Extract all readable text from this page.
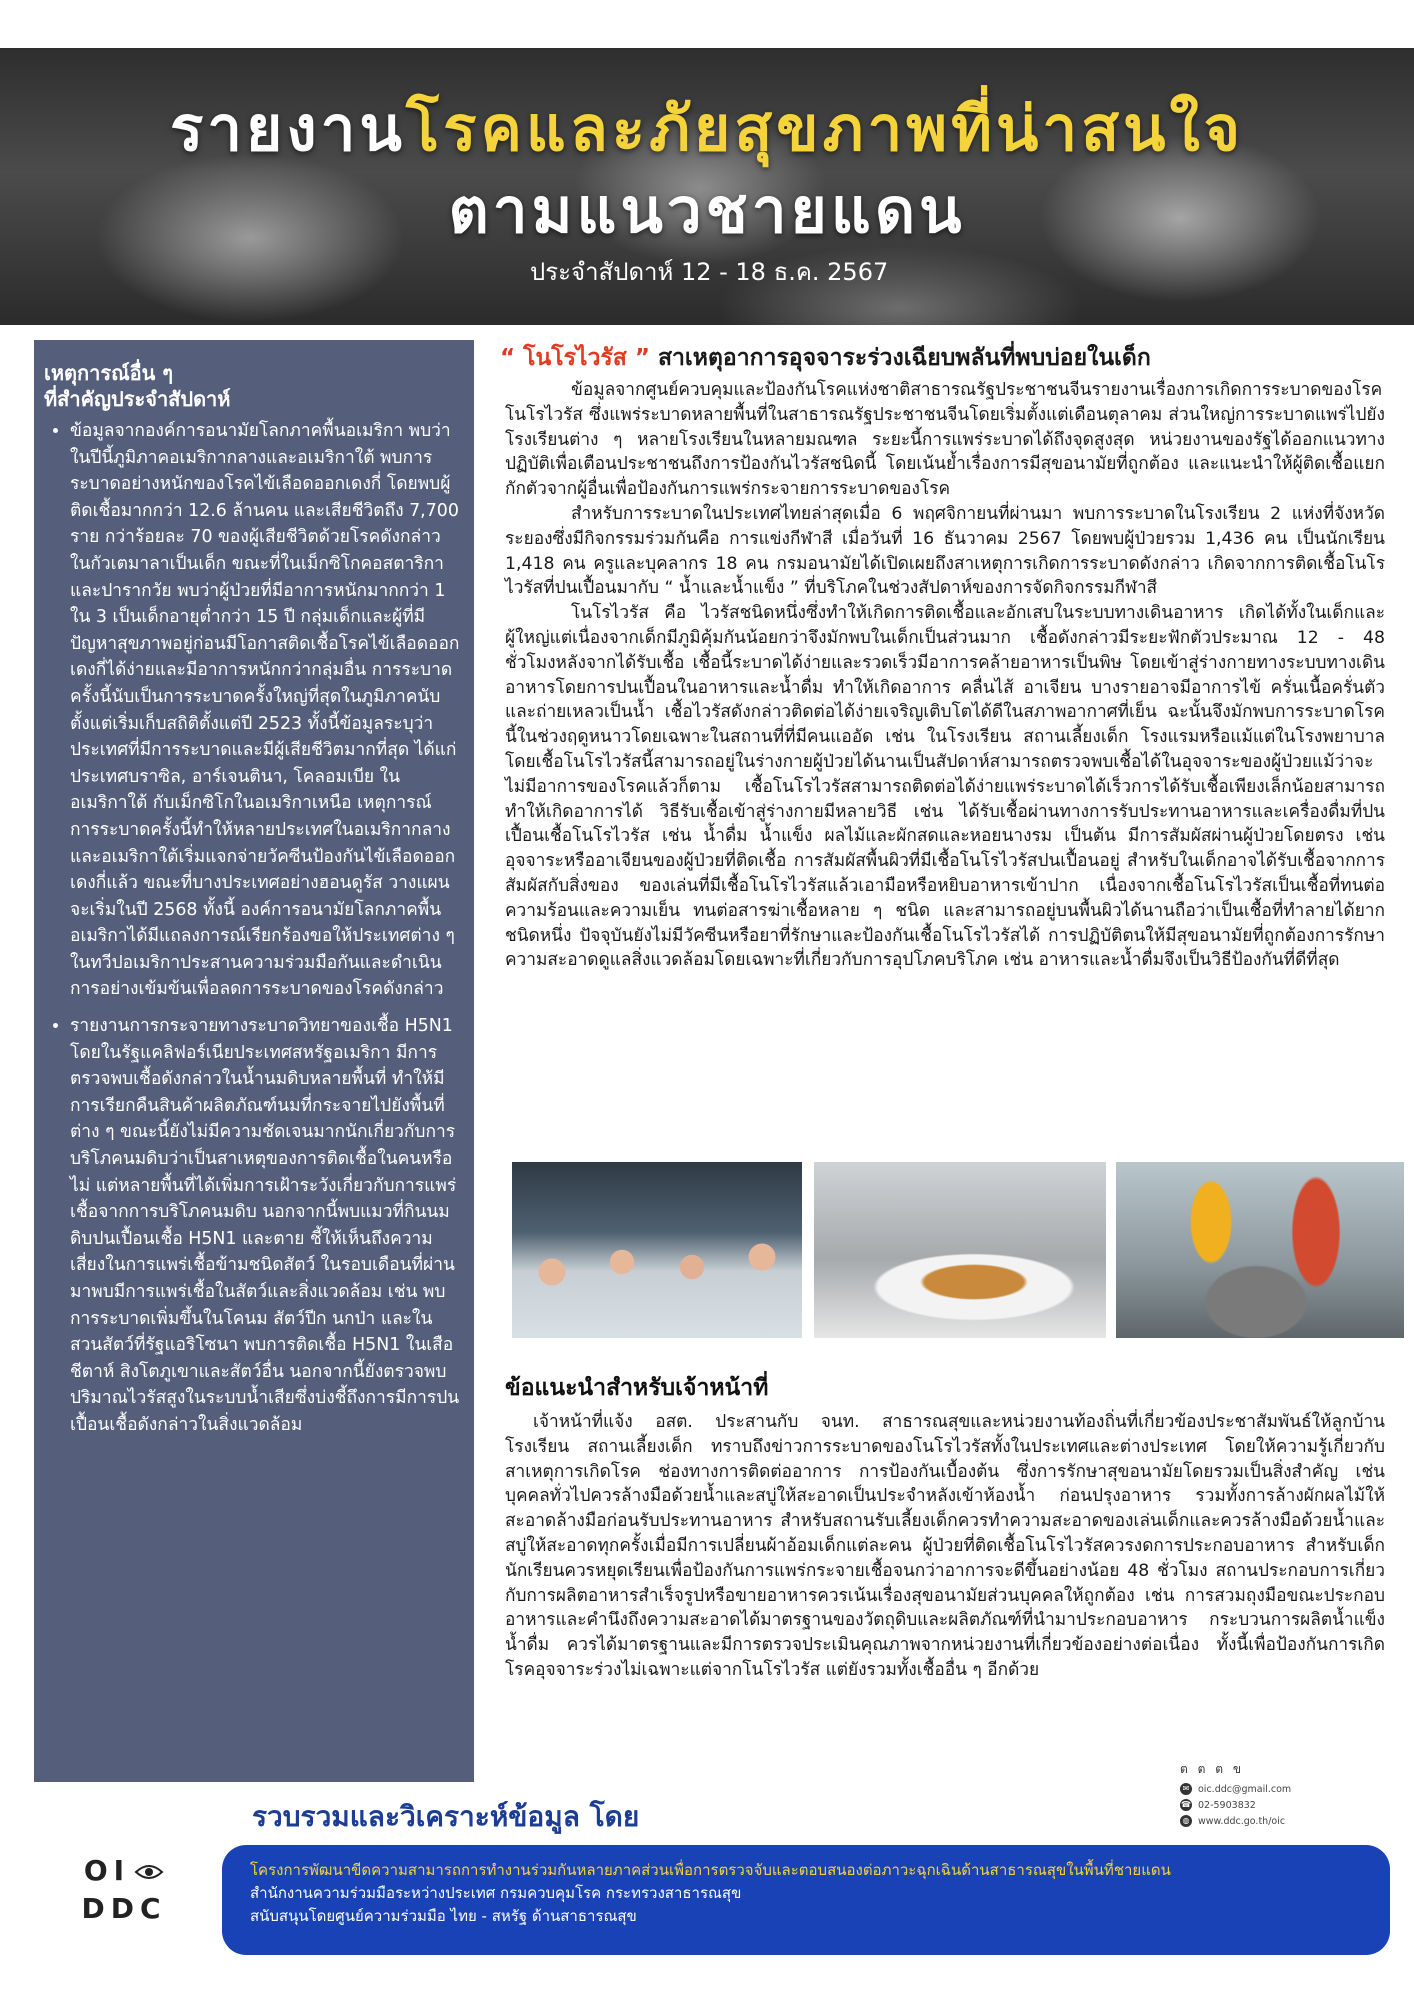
รายงานโรคและภัยสุขภาพที่น่าสนใจ
ตามแนวชายแดน
ประจำสัปดาห์ 12 - 18 ธ.ค. 2567
เหตุการณ์อื่น ๆ
ที่สำคัญประจำสัปดาห์
• ข้อมูลจากองค์การอนามัยโลกภาคพื้นอเมริกา พบว่าในปีนี้ภูมิภาคอเมริกากลางและอเมริกาใต้ พบการระบาดอย่างหนักของโรคไข้เลือดออกเดงกี่ โดยพบผู้ติดเชื้อมากกว่า 12.6 ล้านคน และเสียชีวิตถึง 7,700 ราย กว่าร้อยละ 70 ของผู้เสียชีวิตด้วยโรคดังกล่าวในกัวเตมาลาเป็นเด็ก ขณะที่ในเม็กซิโกคอสตาริกาและปารากวัย พบว่าผู้ป่วยที่มีอาการหนักมากกว่า 1 ใน 3 เป็นเด็กอายุต่ำกว่า 15 ปี กลุ่มเด็กและผู้ที่มีปัญหาสุขภาพอยู่ก่อนมีโอกาสติดเชื้อโรคไข้เลือดออกเดงกี่ได้ง่ายและมีอาการหนักกว่ากลุ่มอื่น การระบาดครั้งนี้นับเป็นการระบาดครั้งใหญ่ที่สุดในภูมิภาคนับตั้งแต่เริ่มเก็บสถิติตั้งแต่ปี 2523 ทั้งนี้ข้อมูลระบุว่าประเทศที่มีการระบาดและมีผู้เสียชีวิตมากที่สุด ได้แก่ ประเทศบราซิล, อาร์เจนตินา, โคลอมเบีย ในอเมริกาใต้ กับเม็กซิโกในอเมริกาเหนือ เหตุการณ์การระบาดครั้งนี้ทำให้หลายประเทศในอเมริกากลางและอเมริกาใต้เริ่มแจกจ่ายวัคซีนป้องกันไข้เลือดออกเดงกี่แล้ว ขณะที่บางประเทศอย่างฮอนดูรัส วางแผนจะเริ่มในปี 2568 ทั้งนี้ องค์การอนามัยโลกภาคพื้นอเมริกาได้มีแถลงการณ์เรียกร้องขอให้ประเทศต่าง ๆ ในทวีปอเมริกาประสานความร่วมมือกันและดำเนินการอย่างเข้มข้นเพื่อลดการระบาดของโรคดังกล่าว
• รายงานการกระจายทางระบาดวิทยาของเชื้อ H5N1 โดยในรัฐแคลิฟอร์เนียประเทศสหรัฐอเมริกา มีการตรวจพบเชื้อดังกล่าวในน้ำนมดิบหลายพื้นที่ ทำให้มีการเรียกคืนสินค้าผลิตภัณฑ์นมที่กระจายไปยังพื้นที่ต่าง ๆ ขณะนี้ยังไม่มีความชัดเจนมากนักเกี่ยวกับการบริโภคนมดิบว่าเป็นสาเหตุของการติดเชื้อในคนหรือไม่ แต่หลายพื้นที่ได้เพิ่มการเฝ้าระวังเกี่ยวกับการแพร่เชื้อจากการบริโภคนมดิบ นอกจากนี้พบแมวที่กินนมดิบปนเปื้อนเชื้อ H5N1 และตาย ชี้ให้เห็นถึงความเสี่ยงในการแพร่เชื้อข้ามชนิดสัตว์ ในรอบเดือนที่ผ่านมาพบมีการแพร่เชื้อในสัตว์และสิ่งแวดล้อม เช่น พบการระบาดเพิ่มขึ้นในโคนม สัตว์ปีก นกป่า และในสวนสัตว์ที่รัฐแอริโซนา พบการติดเชื้อ H5N1 ในเสือชีตาห์ สิงโตภูเขาและสัตว์อื่น นอกจากนี้ยังตรวจพบปริมาณไวรัสสูงในระบบน้ำเสียซึ่งบ่งชี้ถึงการมีการปนเปื้อนเชื้อดังกล่าวในสิ่งแวดล้อม
“ โนโรไวรัส ” สาเหตุอาการอุจจาระร่วงเฉียบพลันที่พบบ่อยในเด็ก

ข้อมูลจากศูนย์ควบคุมและป้องกันโรคแห่งชาติสาธารณรัฐประชาชนจีนรายงานเรื่องการเกิดการระบาดของโรคโนโรไวรัส ซึ่งแพร่ระบาดหลายพื้นที่ในสาธารณรัฐประชาชนจีนโดยเริ่มตั้งแต่เดือนตุลาคม ส่วนใหญ่การระบาดแพร่ไปยังโรงเรียนต่าง ๆ หลายโรงเรียนในหลายมณฑล ระยะนี้การแพร่ระบาดได้ถึงจุดสูงสุด หน่วยงานของรัฐได้ออกแนวทางปฏิบัติเพื่อเตือนประชาชนถึงการป้องกันไวรัสชนิดนี้ โดยเน้นย้ำเรื่องการมีสุขอนามัยที่ถูกต้อง และแนะนำให้ผู้ติดเชื้อแยกกักตัวจากผู้อื่นเพื่อป้องกันการแพร่กระจายการระบาดของโรค

สำหรับการระบาดในประเทศไทยล่าสุดเมื่อ 6 พฤศจิกายนที่ผ่านมา พบการระบาดในโรงเรียน 2 แห่งที่จังหวัดระยองซึ่งมีกิจกรรมร่วมกันคือ การแข่งกีฬาสี เมื่อวันที่ 16 ธันวาคม 2567 โดยพบผู้ป่วยรวม 1,436 คน เป็นนักเรียน 1,418 คน ครูและบุคลากร 18 คน กรมอนามัยได้เปิดเผยถึงสาเหตุการเกิดการระบาดดังกล่าว เกิดจากการติดเชื้อโนโรไวรัสที่ปนเปื้อนมากับ “ น้ำและน้ำแข็ง ” ที่บริโภคในช่วงสัปดาห์ของการจัดกิจกรรมกีฬาสี

โนโรไวรัส คือ ไวรัสชนิดหนึ่งซึ่งทำให้เกิดการติดเชื้อและอักเสบในระบบทางเดินอาหาร เกิดได้ทั้งในเด็กและผู้ใหญ่แต่เนื่องจากเด็กมีภูมิคุ้มกันน้อยกว่าจึงมักพบในเด็กเป็นส่วนมาก เชื้อดังกล่าวมีระยะฟักตัวประมาณ 12 - 48 ชั่วโมงหลังจากได้รับเชื้อ เชื้อนี้ระบาดได้ง่ายและรวดเร็วมีอาการคล้ายอาหารเป็นพิษ โดยเข้าสู่ร่างกายทางระบบทางเดินอาหารโดยการปนเปื้อนในอาหารและน้ำดื่ม ทำให้เกิดอาการ คลื่นไส้ อาเจียน บางรายอาจมีอาการไข้ ครั่นเนื้อครั่นตัวและถ่ายเหลวเป็นน้ำ เชื้อไวรัสดังกล่าวติดต่อได้ง่ายเจริญเติบโตได้ดีในสภาพอากาศที่เย็น ฉะนั้นจึงมักพบการระบาดโรคนี้ในช่วงฤดูหนาวโดยเฉพาะในสถานที่ที่มีคนแออัด เช่น ในโรงเรียน สถานเลี้ยงเด็ก โรงแรมหรือแม้แต่ในโรงพยาบาล โดยเชื้อโนโรไวรัสนี้สามารถอยู่ในร่างกายผู้ป่วยได้นานเป็นสัปดาห์สามารถตรวจพบเชื้อได้ในอุจจาระของผู้ป่วยแม้ว่าจะไม่มีอาการของโรคแล้วก็ตาม เชื้อโนโรไวรัสสามารถติดต่อได้ง่ายแพร่ระบาดได้เร็วการได้รับเชื้อเพียงเล็กน้อยสามารถทำให้เกิดอาการได้ วิธีรับเชื้อเข้าสู่ร่างกายมีหลายวิธี เช่น ได้รับเชื้อผ่านทางการรับประทานอาหารและเครื่องดื่มที่ปนเปื้อนเชื้อโนโรไวรัส เช่น น้ำดื่ม น้ำแข็ง ผลไม้และผักสดและหอยนางรม เป็นต้น มีการสัมผัสผ่านผู้ป่วยโดยตรง เช่น อุจจาระหรืออาเจียนของผู้ป่วยที่ติดเชื้อ การสัมผัสพื้นผิวที่มีเชื้อโนโรไวรัสปนเปื้อนอยู่ สำหรับในเด็กอาจได้รับเชื้อจากการสัมผัสกับสิ่งของ ของเล่นที่มีเชื้อโนโรไวรัสแล้วเอามือหรือหยิบอาหารเข้าปาก เนื่องจากเชื้อโนโรไวรัสเป็นเชื้อที่ทนต่อความร้อนและความเย็น ทนต่อสารฆ่าเชื้อหลาย ๆ ชนิด และสามารถอยู่บนพื้นผิวได้นานถือว่าเป็นเชื้อที่ทำลายได้ยากชนิดหนึ่ง ปัจจุบันยังไม่มีวัคซีนหรือยาที่รักษาและป้องกันเชื้อโนโรไวรัสได้ การปฏิบัติตนให้มีสุขอนามัยที่ถูกต้องการรักษาความสะอาดดูแลสิ่งแวดล้อมโดยเฉพาะที่เกี่ยวกับการอุปโภคบริโภค เช่น อาหารและน้ำดื่มจึงเป็นวิธีป้องกันที่ดีที่สุด

ข้อแนะนำสำหรับเจ้าหน้าที่

เจ้าหน้าที่แจ้ง อสต. ประสานกับ จนท. สาธารณสุขและหน่วยงานท้องถิ่นที่เกี่ยวข้องประชาสัมพันธ์ให้ลูกบ้าน โรงเรียน สถานเลี้ยงเด็ก ทราบถึงข่าวการระบาดของโนโรไวรัสทั้งในประเทศและต่างประเทศ โดยให้ความรู้เกี่ยวกับสาเหตุการเกิดโรค ช่องทางการติดต่ออาการ การป้องกันเบื้องต้น ซึ่งการรักษาสุขอนามัยโดยรวมเป็นสิ่งสำคัญ เช่น บุคคลทั่วไปควรล้างมือด้วยน้ำและสบู่ให้สะอาดเป็นประจำหลังเข้าห้องน้ำ ก่อนปรุงอาหาร รวมทั้งการล้างผักผลไม้ให้สะอาดล้างมือก่อนรับประทานอาหาร สำหรับสถานรับเลี้ยงเด็กควรทำความสะอาดของเล่นเด็กและควรล้างมือด้วยน้ำและสบู่ให้สะอาดทุกครั้งเมื่อมีการเปลี่ยนผ้าอ้อมเด็กแต่ละคน ผู้ป่วยที่ติดเชื้อโนโรไวรัสควรงดการประกอบอาหาร สำหรับเด็กนักเรียนควรหยุดเรียนเพื่อป้องกันการแพร่กระจายเชื้อจนกว่าอาการจะดีขึ้นอย่างน้อย 48 ชั่วโมง สถานประกอบการเกี่ยวกับการผลิตอาหารสำเร็จรูปหรือขายอาหารควรเน้นเรื่องสุขอนามัยส่วนบุคคลให้ถูกต้อง เช่น การสวมถุงมือขณะประกอบอาหารและคำนึงถึงความสะอาดได้มาตรฐานของวัตถุดิบและผลิตภัณฑ์ที่นำมาประกอบอาหาร กระบวนการผลิตน้ำแข็ง น้ำดื่ม ควรได้มาตรฐานและมีการตรวจประเมินคุณภาพจากหน่วยงานที่เกี่ยวข้องอย่างต่อเนื่อง ทั้งนี้เพื่อป้องกันการเกิดโรคอุจจาระร่วงไม่เฉพาะแต่จากโนโรไวรัส แต่ยังรวมทั้งเชื้ออื่น ๆ อีกด้วย

ต ต ต ข
✉ oic.ddc@gmail.com
☎ 02-5903832
◍ www.ddc.go.th/oic
รวบรวมและวิเคราะห์ข้อมูล โดย
OI
DDC
โครงการพัฒนาขีดความสามารถการทำงานร่วมกันหลายภาคส่วนเพื่อการตรวจจับและตอบสนองต่อภาวะฉุกเฉินด้านสาธารณสุขในพื้นที่ชายแดน
สำนักงานความร่วมมือระหว่างประเทศ กรมควบคุมโรค กระทรวงสาธารณสุข
สนับสนุนโดยศูนย์ความร่วมมือ ไทย - สหรัฐ ด้านสาธารณสุข
